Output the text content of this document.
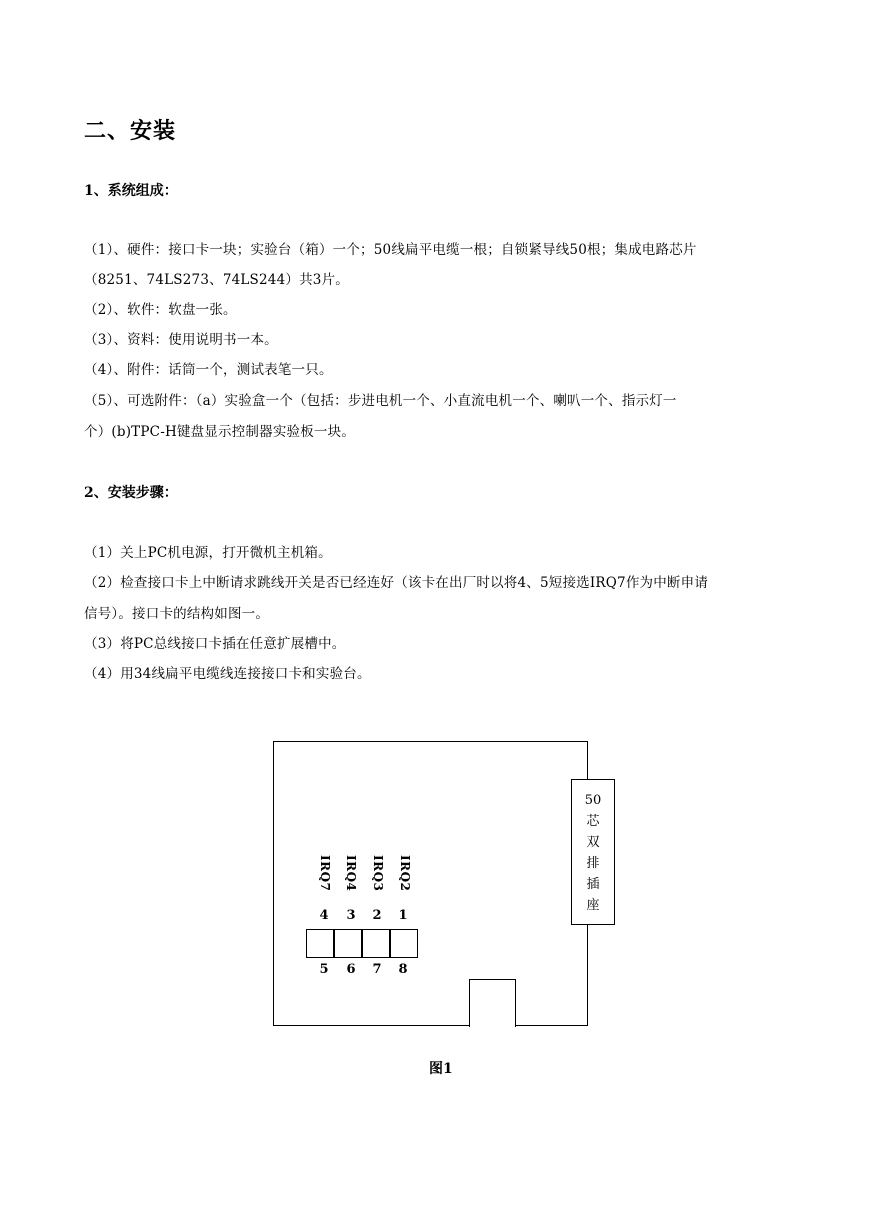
二、安装
1、系统组成：
（1）、硬件：接口卡一块；实验台（箱）一个；50线扁平电缆一根；自锁紧导线50根；集成电路芯片
（8251、74LS273、74LS244）共3片。
（2）、软件：软盘一张。
（3）、资料：使用说明书一本。
（4）、附件：话筒一个，测试表笔一只。
（5）、可选附件：（a）实验盒一个（包括：步进电机一个、小直流电机一个、喇叭一个、指示灯一
个）(b)TPC-H键盘显示控制器实验板一块。
2、安装步骤：
（1）关上PC机电源，打开微机主机箱。
（2）检查接口卡上中断请求跳线开关是否已经连好（该卡在出厂时以将4、5短接选IRQ7作为中断申请
信号）。接口卡的结构如图一。
（3）将PC总线接口卡插在任意扩展槽中。
（4）用34线扁平电缆线连接接口卡和实验台。
50芯双排插座
IRQ7 IRQ4 IRQ3 IRQ2
4 3 2 1
5 6 7 8
图1
